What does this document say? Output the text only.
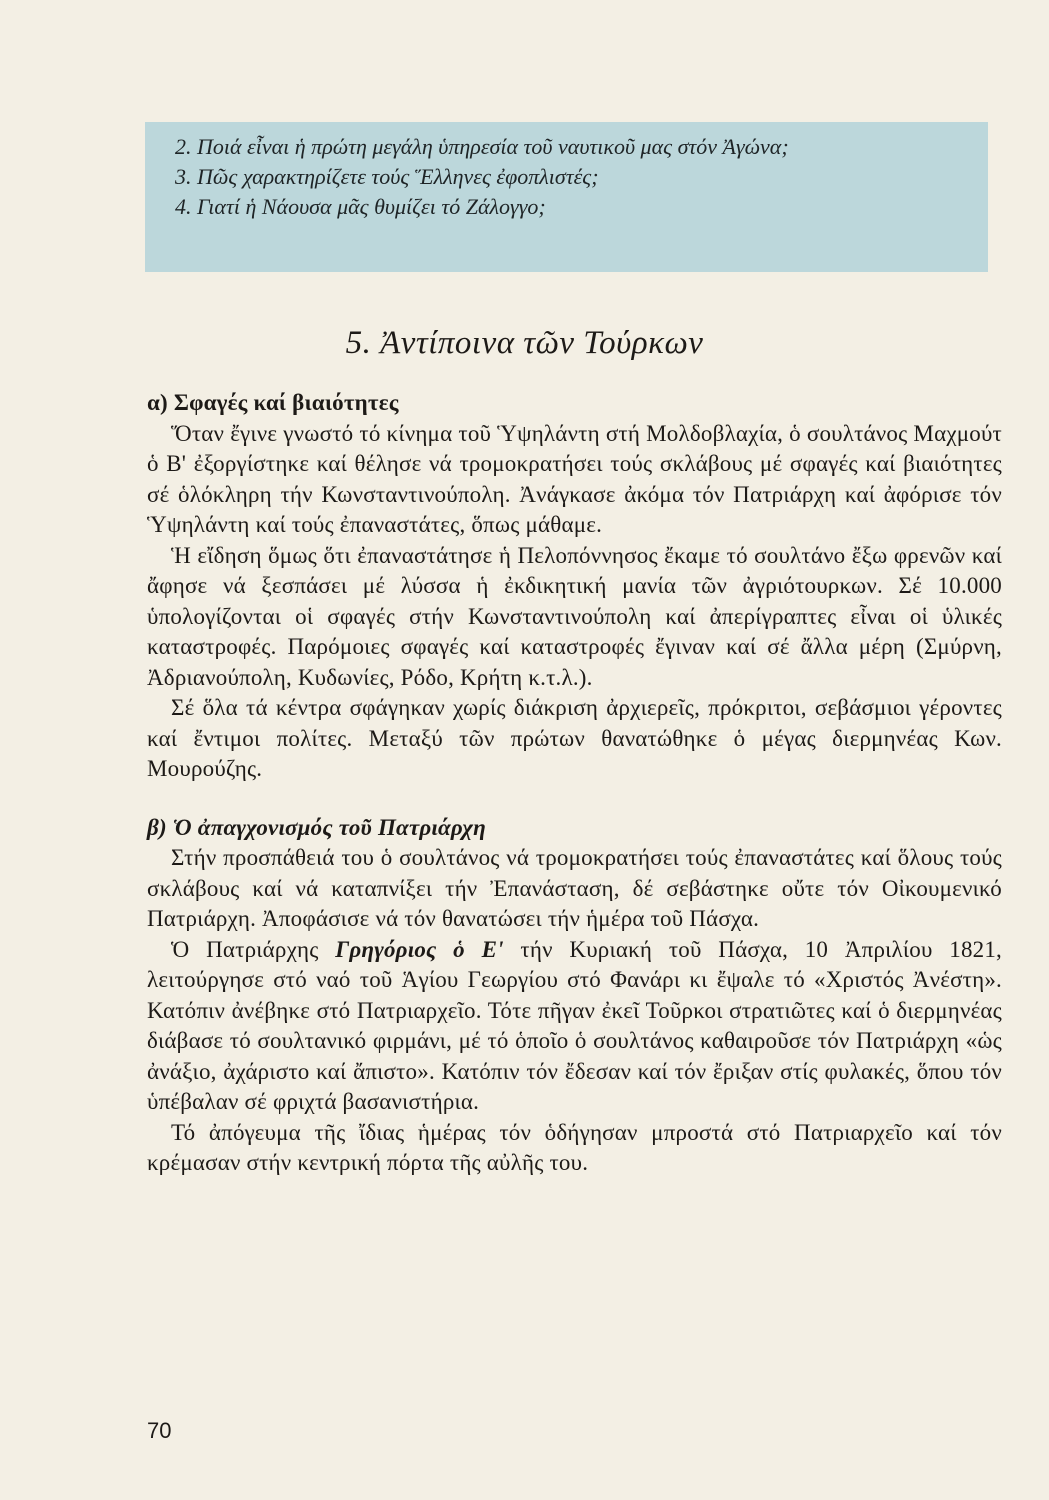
2. Ποιά εἶναι ἡ πρώτη μεγάλη ὑπηρεσία τοῦ ναυτικοῦ μας στόν Ἀγώνα;

3. Πῶς χαρακτηρίζετε τούς Ἕλληνες ἐφοπλιστές;

4. Γιατί ἡ Νάουσα μᾶς θυμίζει τό Ζάλογγο;

5. Ἀντίποινα τῶν Τούρκων

α) Σφαγές καί βιαιότητες

Ὅταν ἔγινε γνωστό τό κίνημα τοῦ Ὑψηλάντη στή Μολδοβλαχία, ὁ σουλτάνος Μαχμούτ ὁ Β' ἐξοργίστηκε καί θέλησε νά τρομοκρατήσει τούς σκλάβους μέ σφαγές καί βιαιότητες σέ ὁλόκληρη τήν Κωνσταντινούπολη. Ἀνάγκασε ἀκόμα τόν Πατριάρχη καί ἀφόρισε τόν Ὑψηλάντη καί τούς ἐπαναστάτες, ὅπως μάθαμε.

Ἡ εἴδηση ὅμως ὅτι ἐπαναστάτησε ἡ Πελοπόννησος ἔκαμε τό σουλτάνο ἔξω φρενῶν καί ἄφησε νά ξεσπάσει μέ λύσσα ἡ ἐκδικητική μανία τῶν ἀγριότουρκων. Σέ 10.000 ὑπολογίζονται οἱ σφαγές στήν Κωνσταντινούπολη καί ἀπερίγραπτες εἶναι οἱ ὑλικές καταστροφές. Παρόμοιες σφαγές καί καταστροφές ἔγιναν καί σέ ἄλλα μέρη (Σμύρνη, Ἀδριανούπολη, Κυδωνίες, Ρόδο, Κρήτη κ.τ.λ.).

Σέ ὅλα τά κέντρα σφάγηκαν χωρίς διάκριση ἀρχιερεῖς, πρόκριτοι, σεβάσμιοι γέροντες καί ἔντιμοι πολίτες. Μεταξύ τῶν πρώτων θανατώθηκε ὁ μέγας διερμηνέας Κων. Μουρούζης.

β) Ὁ ἀπαγχονισμός τοῦ Πατριάρχη

Στήν προσπάθειά του ὁ σουλτάνος νά τρομοκρατήσει τούς ἐπαναστάτες καί ὅλους τούς σκλάβους καί νά καταπνίξει τήν Ἐπανάσταση, δέ σεβάστηκε οὔτε τόν Οἰκουμενικό Πατριάρχη. Ἀποφάσισε νά τόν θανατώσει τήν ἡμέρα τοῦ Πάσχα.

Ὁ Πατριάρχης Γρηγόριος ὁ Ε' τήν Κυριακή τοῦ Πάσχα, 10 Ἀπριλίου 1821, λειτούργησε στό ναό τοῦ Ἁγίου Γεωργίου στό Φανάρι κι ἔψαλε τό «Χριστός Ἀνέστη». Κατόπιν ἀνέβηκε στό Πατριαρχεῖο. Τότε πῆγαν ἐκεῖ Τοῦρκοι στρατιῶτες καί ὁ διερμηνέας διάβασε τό σουλτανικό φιρμάνι, μέ τό ὁποῖο ὁ σουλτάνος καθαιροῦσε τόν Πατριάρχη «ὡς ἀνάξιο, ἀχάριστο καί ἄπιστο». Κατόπιν τόν ἔδεσαν καί τόν ἔριξαν στίς φυλακές, ὅπου τόν ὑπέβαλαν σέ φριχτά βασανιστήρια.

Τό ἀπόγευμα τῆς ἴδιας ἡμέρας τόν ὁδήγησαν μπροστά στό Πατριαρχεῖο καί τόν κρέμασαν στήν κεντρική πόρτα τῆς αὐλῆς του.

70
